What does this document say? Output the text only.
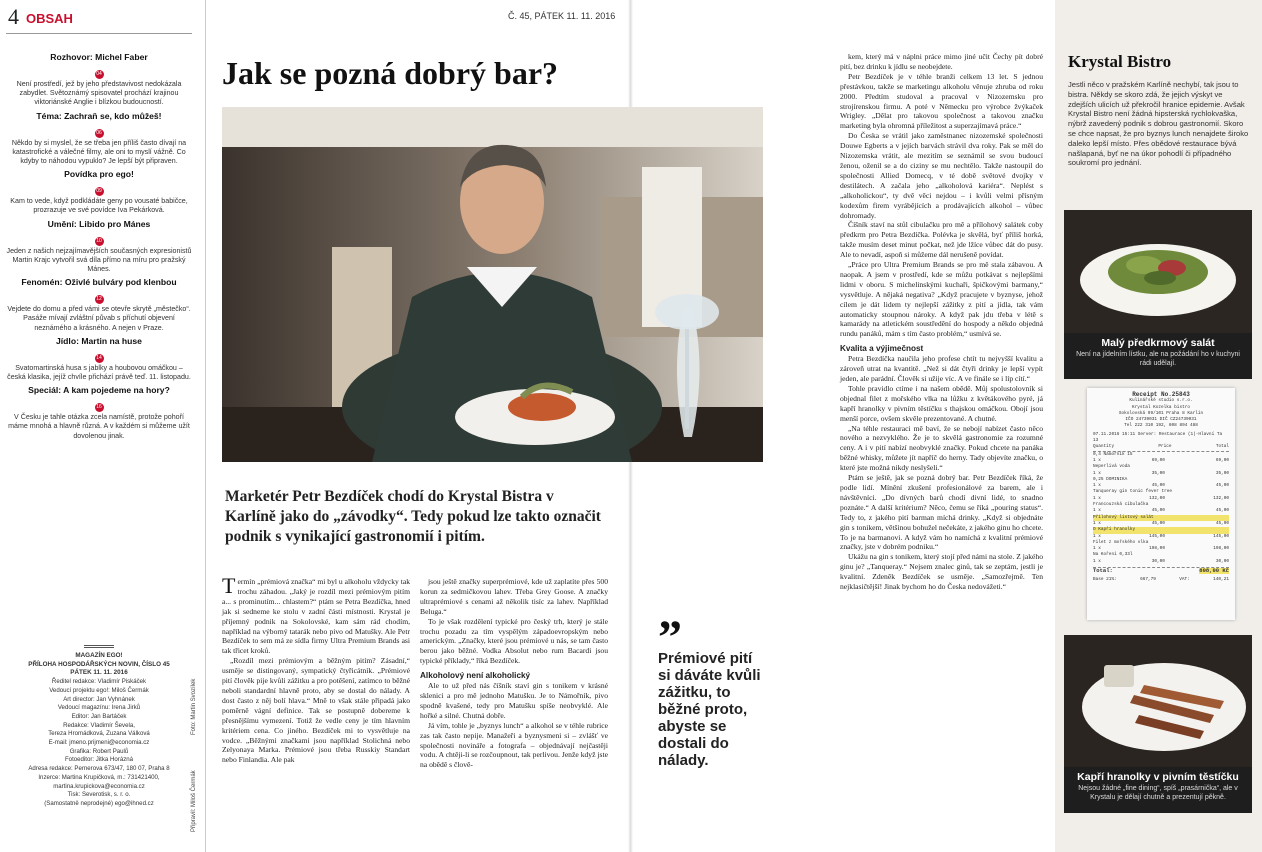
4 OBSAH	Č. 45, PÁTEK 11. 11. 2016
Rozhovor: Michel Faber
04
Není prostředí, jež by jeho představivost nedokázala zabydlet. Světoznámý spisovatel prochází krajinou viktoriánské Anglie i blízkou budoucností.
Téma: Zachraň se, kdo můžeš!
06
Někdo by si myslel, že se třeba jen příliš často dívají na katastrofické a válečné filmy, ale oni to myslí vážně. Co kdyby to náhodou vypuklo? Je lepší být připraven.
Povídka pro ego!
09
Kam to vede, když podkládáte geny po vousaté babičce, prozrazuje ve své povídce Iva Pekárková.
Umění: Libido pro Mánes
10
Jeden z našich nejzajímavějších současných expresionistů Martin Krajc vytvořil svá díla přímo na míru pro pražský Mánes.
Fenomén: Oživlé bulváry pod klenbou
12
Vejdete do domu a před vámi se otevře skrytě „městečko“. Pasáže mívají zvláštní půvab s příchutí objevení neznámého a krásného. A nejen v Praze.
Jídlo: Martin na huse
14
Svatomartinská husa s jablky a houbovou omáčkou – česká klasika, jejíž chvíle přichází právě teď. 11. listopadu.
Speciál: A kam pojedeme na hory?
16
V Česku je tahle otázka zcela namístě, protože pohoří máme mnohá a hlavně různá. A v každém si můžeme užít dovolenou jinak.
MAGAZÍN EGO!
PŘÍLOHA HOSPODÁŘSKÝCH NOVIN, ČÍSLO 45
PÁTEK 11. 11. 2016
Ředitel redakce: Vladimír Piskáček
Vedoucí projektu ego!: Miloš Čermák
Art director: Jan Vyhnánek
Vedoucí magazínu: Irena Jirků
Editor: Jan Bartáček
Redakce: Vladimír Ševela,
Tereza Hromádková, Zuzana Válková
E-mail: jmeno.prijmeni@economia.cz
Grafika: Robert Paulů
Fotoeditor: Jitka Horázná
Adresa redakce: Pernerova 673/47, 180 07, Praha 8
Inzerce: Martina Krupičková, m.: 731421400,
martina.krupickova@economia.cz
Tisk: Severotisk, s. r. o.
(Samostatně neprodejné) ego@ihned.cz
Foto: Martin Svozílek
Připravil: Miloš Čermák
Jak se pozná dobrý bar?
Marketér Petr Bezdíček chodí do Krystal Bistra v Karlíně jako do „závodky“. Tedy pokud lze takto označit podnik s vynikající gastronomií i pitím.

Termín „prémiová značka“ mi byl u alkoholu vždycky tak trochu záhadou. „Jaký je rozdíl mezi prémiovým pitím a... s prominutím... chlastem?“ ptám se Petra Bezdíčka, hned jak si sedneme ke stolu v zadní části místnosti. Krystal je příjemný podnik na Sokolovské, kam sám rád chodím, například na výborný tatarák nebo pivo od Matušky. Ale Petr Bezdíček to sem má ze sídla firmy Ultra Premium Brands asi tak třicet kroků.

„Rozdíl mezi prémiovým a běžným pitím? Zásadní,“ usměje se distingovaný, sympatický čtyřicátník. „Prémiové pití člověk pije kvůli zážitku a pro potěšení, zatímco to běžné neboli standardní hlavně proto, aby se dostal do nálady. A dost často z něj bolí hlava.“ Mně to však stále připadá jako poměrně vágní definice. Tak se postupně dobereme k přesnějšímu vymezení. Totiž že vedle ceny je tím hlavním kritériem cena. Co jiného. Bezdíček mi to vysvětluje na vodce. „Běžnými značkami jsou například Stolichná nebo Zelyonaya Marka. Prémiové jsou třeba Russkiy Standart nebo Finlandia. Ale pak

jsou ještě značky superprémiové, kde už zaplatíte přes 500 korun za sedmičkovou lahev. Třeba Grey Goose. A značky ultraprémiové s cenami až několik tisíc za lahev. Například Beluga.“

To je však rozdělení typické pro český trh, který je stále trochu pozadu za tím vyspělým západoevropským nebo americkým. „Značky, které jsou prémiové u nás, se tam často berou jako běžné. Vodka Absolut nebo rum Bacardi jsou typické příklady,“ říká Bezdíček.

Alkoholový není alkoholický

Ale to už před nás číšník staví gin s tonikem v krásné sklenici a pro mě jednoho Matušku. Je to Námořník, pivo spodně kvašené, tedy pro Matušku spíše neobvyklé. Ale hořké a silné. Chutná dobře.

Já vím, tohle je „byznys lunch“ a alkohol se v téhle rubrice zas tak často nepije. Manažeři a byznysmeni si – zvlášť ve společnosti novináře a fotografa – objednávají nejčastěji vodu. A chtěji-li se rozčoupnout, tak perlivou. Jenže když jste na obědě s člově-

”
Prémiové pití si dáváte kvůli zážitku, to běžné proto, abyste se dostali do nálady.

kem, který má v náplni práce mimo jiné učit Čechy pít dobré pití, bez drinku k jídlu se neobejdete.

Petr Bezdíček je v téhle branži celkem 13 let. S jednou přestávkou, takže se marketingu alkoholu věnuje zhruba od roku 2000. Předtím studoval a pracoval v Nizozemsku pro strojírenskou firmu. A poté v Německu pro výrobce žvýkaček Wrigley. „Dělat pro takovou společnost a takovou značku marketing byla ohromná příležitost a superzajímavá práce.“

Do Česka se vrátil jako zaměstnanec nizozemské společnosti Douwe Egberts a v jejích barvách strávil dva roky. Pak se měl do Nizozemska vrátit, ale mezitím se seznámil se svou budoucí ženou, oženil se a do ciziny se mu nechtělo. Takže nastoupil do společnosti Allied Domecq, v té době světové dvojky v destilátech. A začala jeho „alkoholová kariéra“. Neplést s „alkoholickou“, ty dvě věci nejdou – i kvůli velmi přísným kodexům firem vyrábějících a prodávajících alkohol – vůbec dohromady.

Číšník staví na stůl cibulačku pro mě a přílohový salátek coby předkrm pro Petra Bezdíčka. Polévka je skvělá, byť příliš horká, takže musím deset minut počkat, než jde lžíce vůbec dát do pusy. Ale to nevadí, aspoň si můžeme dál nerušeně povídat.

„Práce pro Ultra Premium Brands se pro mě stala zábavou. A naopak. A jsem v prostředí, kde se můžu potkávat s nejlepšími lidmi v oboru. S michelinskými kuchaři, špičkovými barmany,“ vysvětluje. A nějaká negativa? „Když pracujete v byznyse, jehož cílem je dát lidem ty nejlepší zážitky z pití a jídla, tak vám automaticky stoupnou nároky. A když pak jdu třeba v létě s kamarády na atletickém soustředění do hospody a někdo objedná rundu panáků, mám s tím často problém,“ usmívá se.

Kvalita a výjimečnost

Petra Bezdíčka naučila jeho profese chtít tu nejvyšší kvalitu a zároveň utrat na kvantitě. „Než si dát čtyři drinky je lepší vypít jeden, ale parádní. Člověk si užije víc. A ve finále se i líp cítí.“

Tohle pravidlo ctíme i na našem obědě. Můj spolustolovník si objednal filet z mořského vlka na lůžku z květákového pyré, já kapří hranolky v pivním těstíčku s thajskou omáčkou. Obojí jsou menší porce, ovšem skvěle prezentované. A chutné.

„Na téhle restauraci mě baví, že se nebojí nabízet často něco nového a nezvyklého. Že je to skvělá gastronomie za rozumné ceny. A i v pití nabízí neobvyklé značky. Pokud chcete na panáka běžné whisky, můžete jít napříč do herny. Tady objevíte značku, o které jste možná nikdy neslyšeli.“

Ptám se ještě, jak se pozná dobrý bar. Petr Bezdíček říká, že podle lidí. Mínění zkušení profesionálové za barem, ale i návštěvníci. „Do dívných barů chodí divní lidé, to snadno poznáte.“ A další kritérium? Něco, čemu se říká „pouring status“. Tedy to, z jakého pití barman míchá drinky. „Když si objednáte gin s tonikem, většinou bohužel nečekáte, z jakého ginu ho chcete. To je na barmanovi. A když vám ho namíchá z kvalitní prémiové značky, jste v dobrém podniku.“

Ukážu na gin s tonikem, který stojí před námi na stole. Z jakého ginu je? „Tanqueray.“ Nejsem znalec ginů, tak se zeptám, jestli je kvalitní. Zdeněk Bezdíček se usměje. „Samozřejmě. Ten nejklasičtější! Jinak bychom ho do Česka nedovážeti.“

Krystal Bistro
Jestli něco v pražském Karlíně nechybí, tak jsou to bistra. Někdy se skoro zdá, že jejich výskyt ve zdejších ulicích už překročil hranice epidemie. Avšak Krystal Bistro není žádná hipsterská rychlokvaška, nýbrž zavedený podnik s dobrou gastronomií. Skoro se chce napsat, že pro byznys lunch nenajdete široko daleko lepší místo. Přes obědové restaurace bývá našlapaná, byť ne na úkor pohodlí či případného soukromí pro jednání.
Malý předkrmový salát
Není na jídelním lístku, ale na požádání ho v kuchyni rádi udělají.
Receipt No.25843
Kulinářské studio s.r.o.
Krystal Kozelka bistro
Sokolovská 99/101 Praha 8 Karlín
IČO 24739031 DIČ CZ24739031
Tel 222 310 192, 608 894 488
07.11.2016 15:11 Server: Restaurace (1)-Hlavní Ta 13
Quantity	Price	Total
0,4 Námořník 15
1 x	69,00	69,00
Neperlivá voda
1 x	35,00	35,00
0,25 DOMINIKA
1 x	45,00	45,00
Tanqueray gin tonic fever tree
1 x	132,00	132,00
Francouzská cibulačka
1 x	45,00	45,00
Přílohový listový salát
1 x	45,00	45,00
O Kapří hranolky
1 x	145,00	145,00
Filet z mořského vlka
1 x	198,00	198,00
Na Kořeni 0,33l
1 x	30,00	30,00
Total:	808,00 Kč
Base 21%:	667,79	VAT:	140,21
Kapří hranolky v pivním těstíčku
Nejsou žádné „fine dining“, spíš „prasárnička“, ale v Krystalu je dělají chutně a prezentují pěkně.
